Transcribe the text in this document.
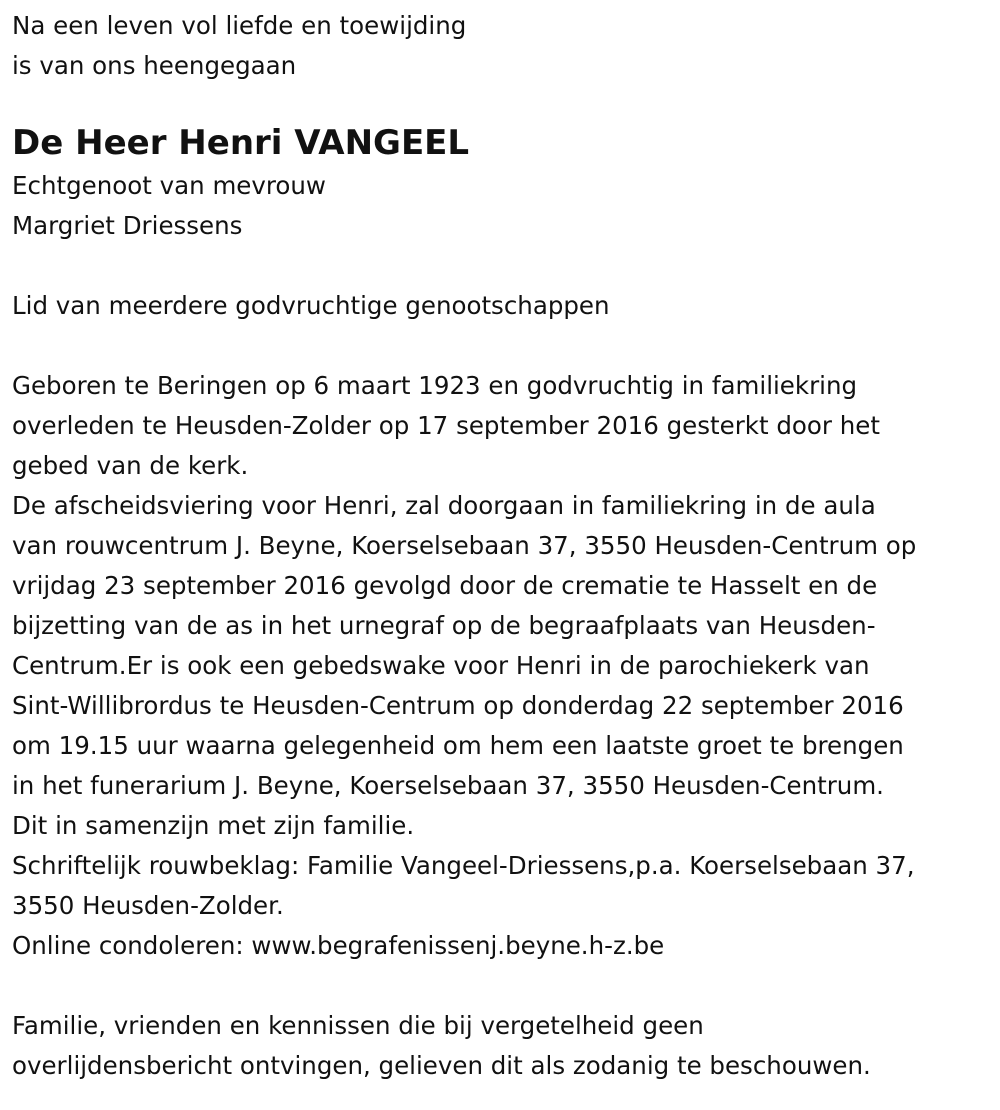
Na een leven vol liefde en toewijding
is van ons heengegaan
De Heer Henri VANGEEL
Echtgenoot van mevrouw
Margriet Driessens
Lid van meerdere godvruchtige genootschappen
Geboren te Beringen op 6 maart 1923 en godvruchtig in familiekring
overleden te Heusden-Zolder op 17 september 2016 gesterkt door het
gebed van de kerk.
De afscheidsviering voor Henri, zal doorgaan in familiekring in de aula
van rouwcentrum J. Beyne, Koerselsebaan 37, 3550 Heusden-Centrum op
vrijdag 23 september 2016 gevolgd door de crematie te Hasselt en de
bijzetting van de as in het urnegraf op de begraafplaats van Heusden-
Centrum.Er is ook een gebedswake voor Henri in de parochiekerk van
Sint-Willibrordus te Heusden-Centrum op donderdag 22 september 2016
om 19.15 uur waarna gelegenheid om hem een laatste groet te brengen
in het funerarium J. Beyne, Koerselsebaan 37, 3550 Heusden-Centrum.
Dit in samenzijn met zijn familie.
Schriftelijk rouwbeklag: Familie Vangeel-Driessens,p.a. Koerselsebaan 37,
3550 Heusden-Zolder.
Online condoleren: www.begrafenissenj.beyne.h-z.be
Familie, vrienden en kennissen die bij vergetelheid geen
overlijdensbericht ontvingen, gelieven dit als zodanig te beschouwen.
